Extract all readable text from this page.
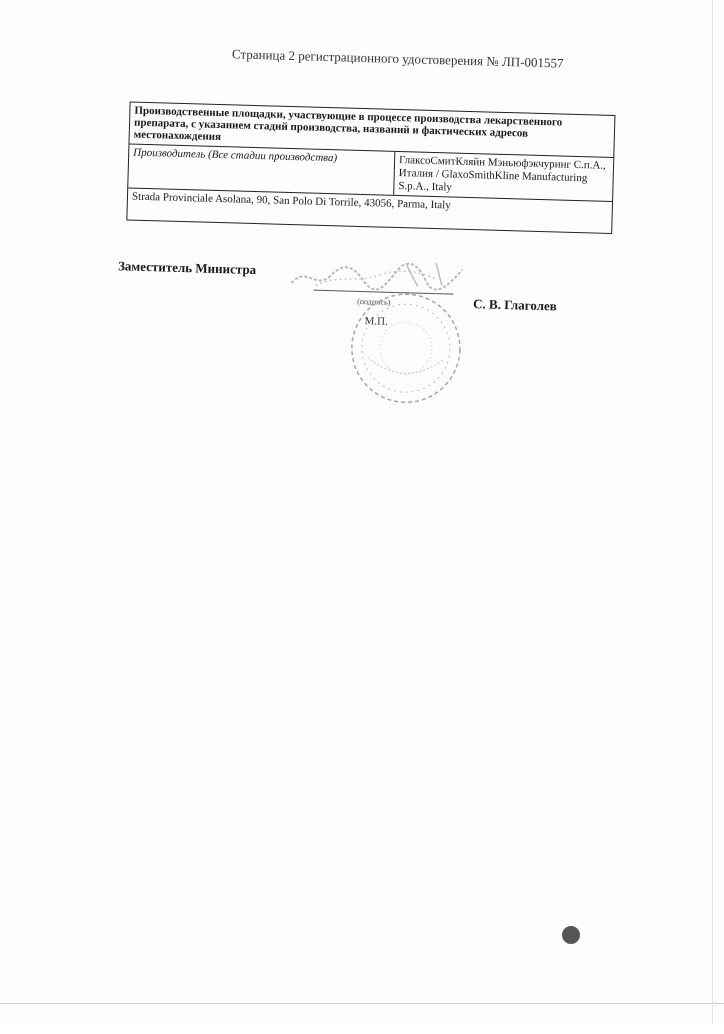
Страница 2 регистрационного удостоверения № ЛП-001557
Производственные площадки, участвующие в процессе производства лекарственного препарата, с указанием стадий производства, названий и фактических адресов местонахождения
Производитель (Все стадии производства)	ГлаксоСмитКляйн Мэньюфэкчуринг С.п.А., Италия / GlaxoSmithKline Manufacturing S.p.A., Italy
Strada Provinciale Asolana, 90, San Polo Di Torrile, 43056, Parma, Italy
Заместитель Министра
(подпись)	С. В. Глаголев
М.П.
